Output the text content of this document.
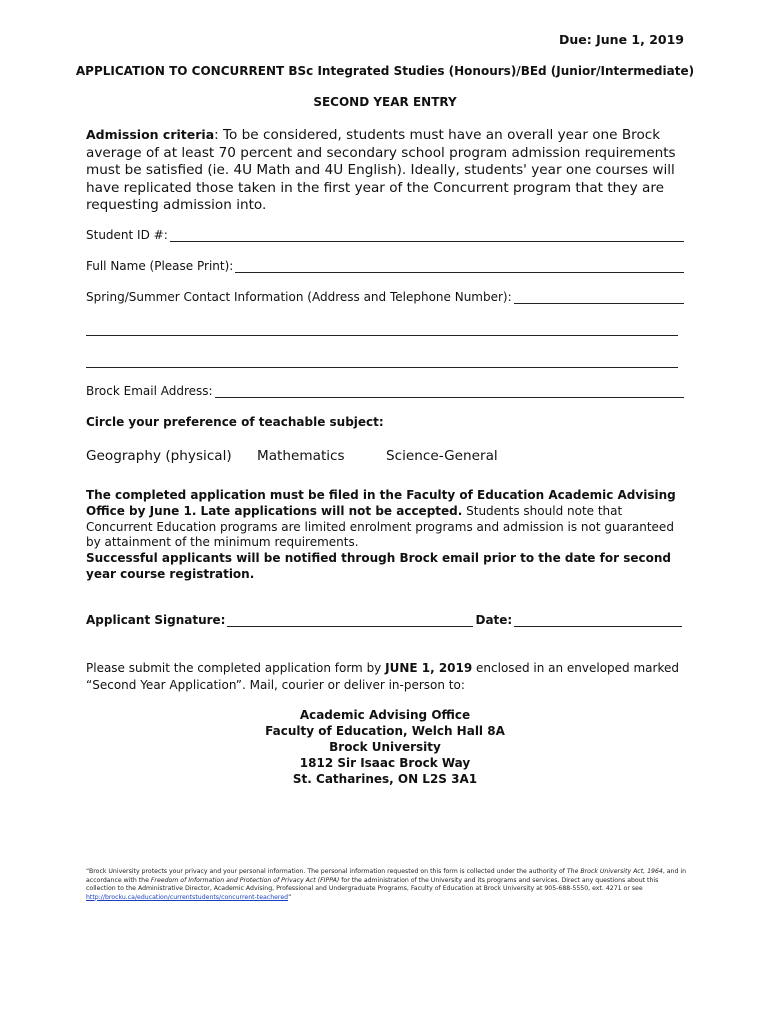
Due: June 1, 2019
APPLICATION TO CONCURRENT BSc Integrated Studies (Honours)/BEd (Junior/Intermediate)
SECOND YEAR ENTRY
Admission criteria: To be considered, students must have an overall year one Brock average of at least 70 percent and secondary school program admission requirements must be satisfied (ie. 4U Math and 4U English). Ideally, students' year one courses will have replicated those taken in the first year of the Concurrent program that they are requesting admission into.
Student ID #:
Full Name (Please Print):
Spring/Summer Contact Information (Address and Telephone Number):
Brock Email Address:
Circle your preference of teachable subject:
Geography (physical) Mathematics	Science-General
The completed application must be filed in the Faculty of Education Academic Advising Office by June 1. Late applications will not be accepted. Students should note that Concurrent Education programs are limited enrolment programs and admission is not guaranteed by attainment of the minimum requirements.
Successful applicants will be notified through Brock email prior to the date for second year course registration.
Applicant Signature:	Date:
Please submit the completed application form by JUNE 1, 2019 enclosed in an enveloped marked “Second Year Application”. Mail, courier or deliver in-person to:
Academic Advising Office
Faculty of Education, Welch Hall 8A
Brock University
1812 Sir Isaac Brock Way
St. Catharines, ON L2S 3A1
“Brock University protects your privacy and your personal information. The personal information requested on this form is collected under the authority of The Brock University Act, 1964, and in accordance with the Freedom of Information and Protection of Privacy Act (FIPPA) for the administration of the University and its programs and services. Direct any questions about this collection to the Administrative Director, Academic Advising, Professional and Undergraduate Programs, Faculty of Education at Brock University at 905-688-5550, ext. 4271 or see http://brocku.ca/education/currentstudents/concurrent-teachered”
